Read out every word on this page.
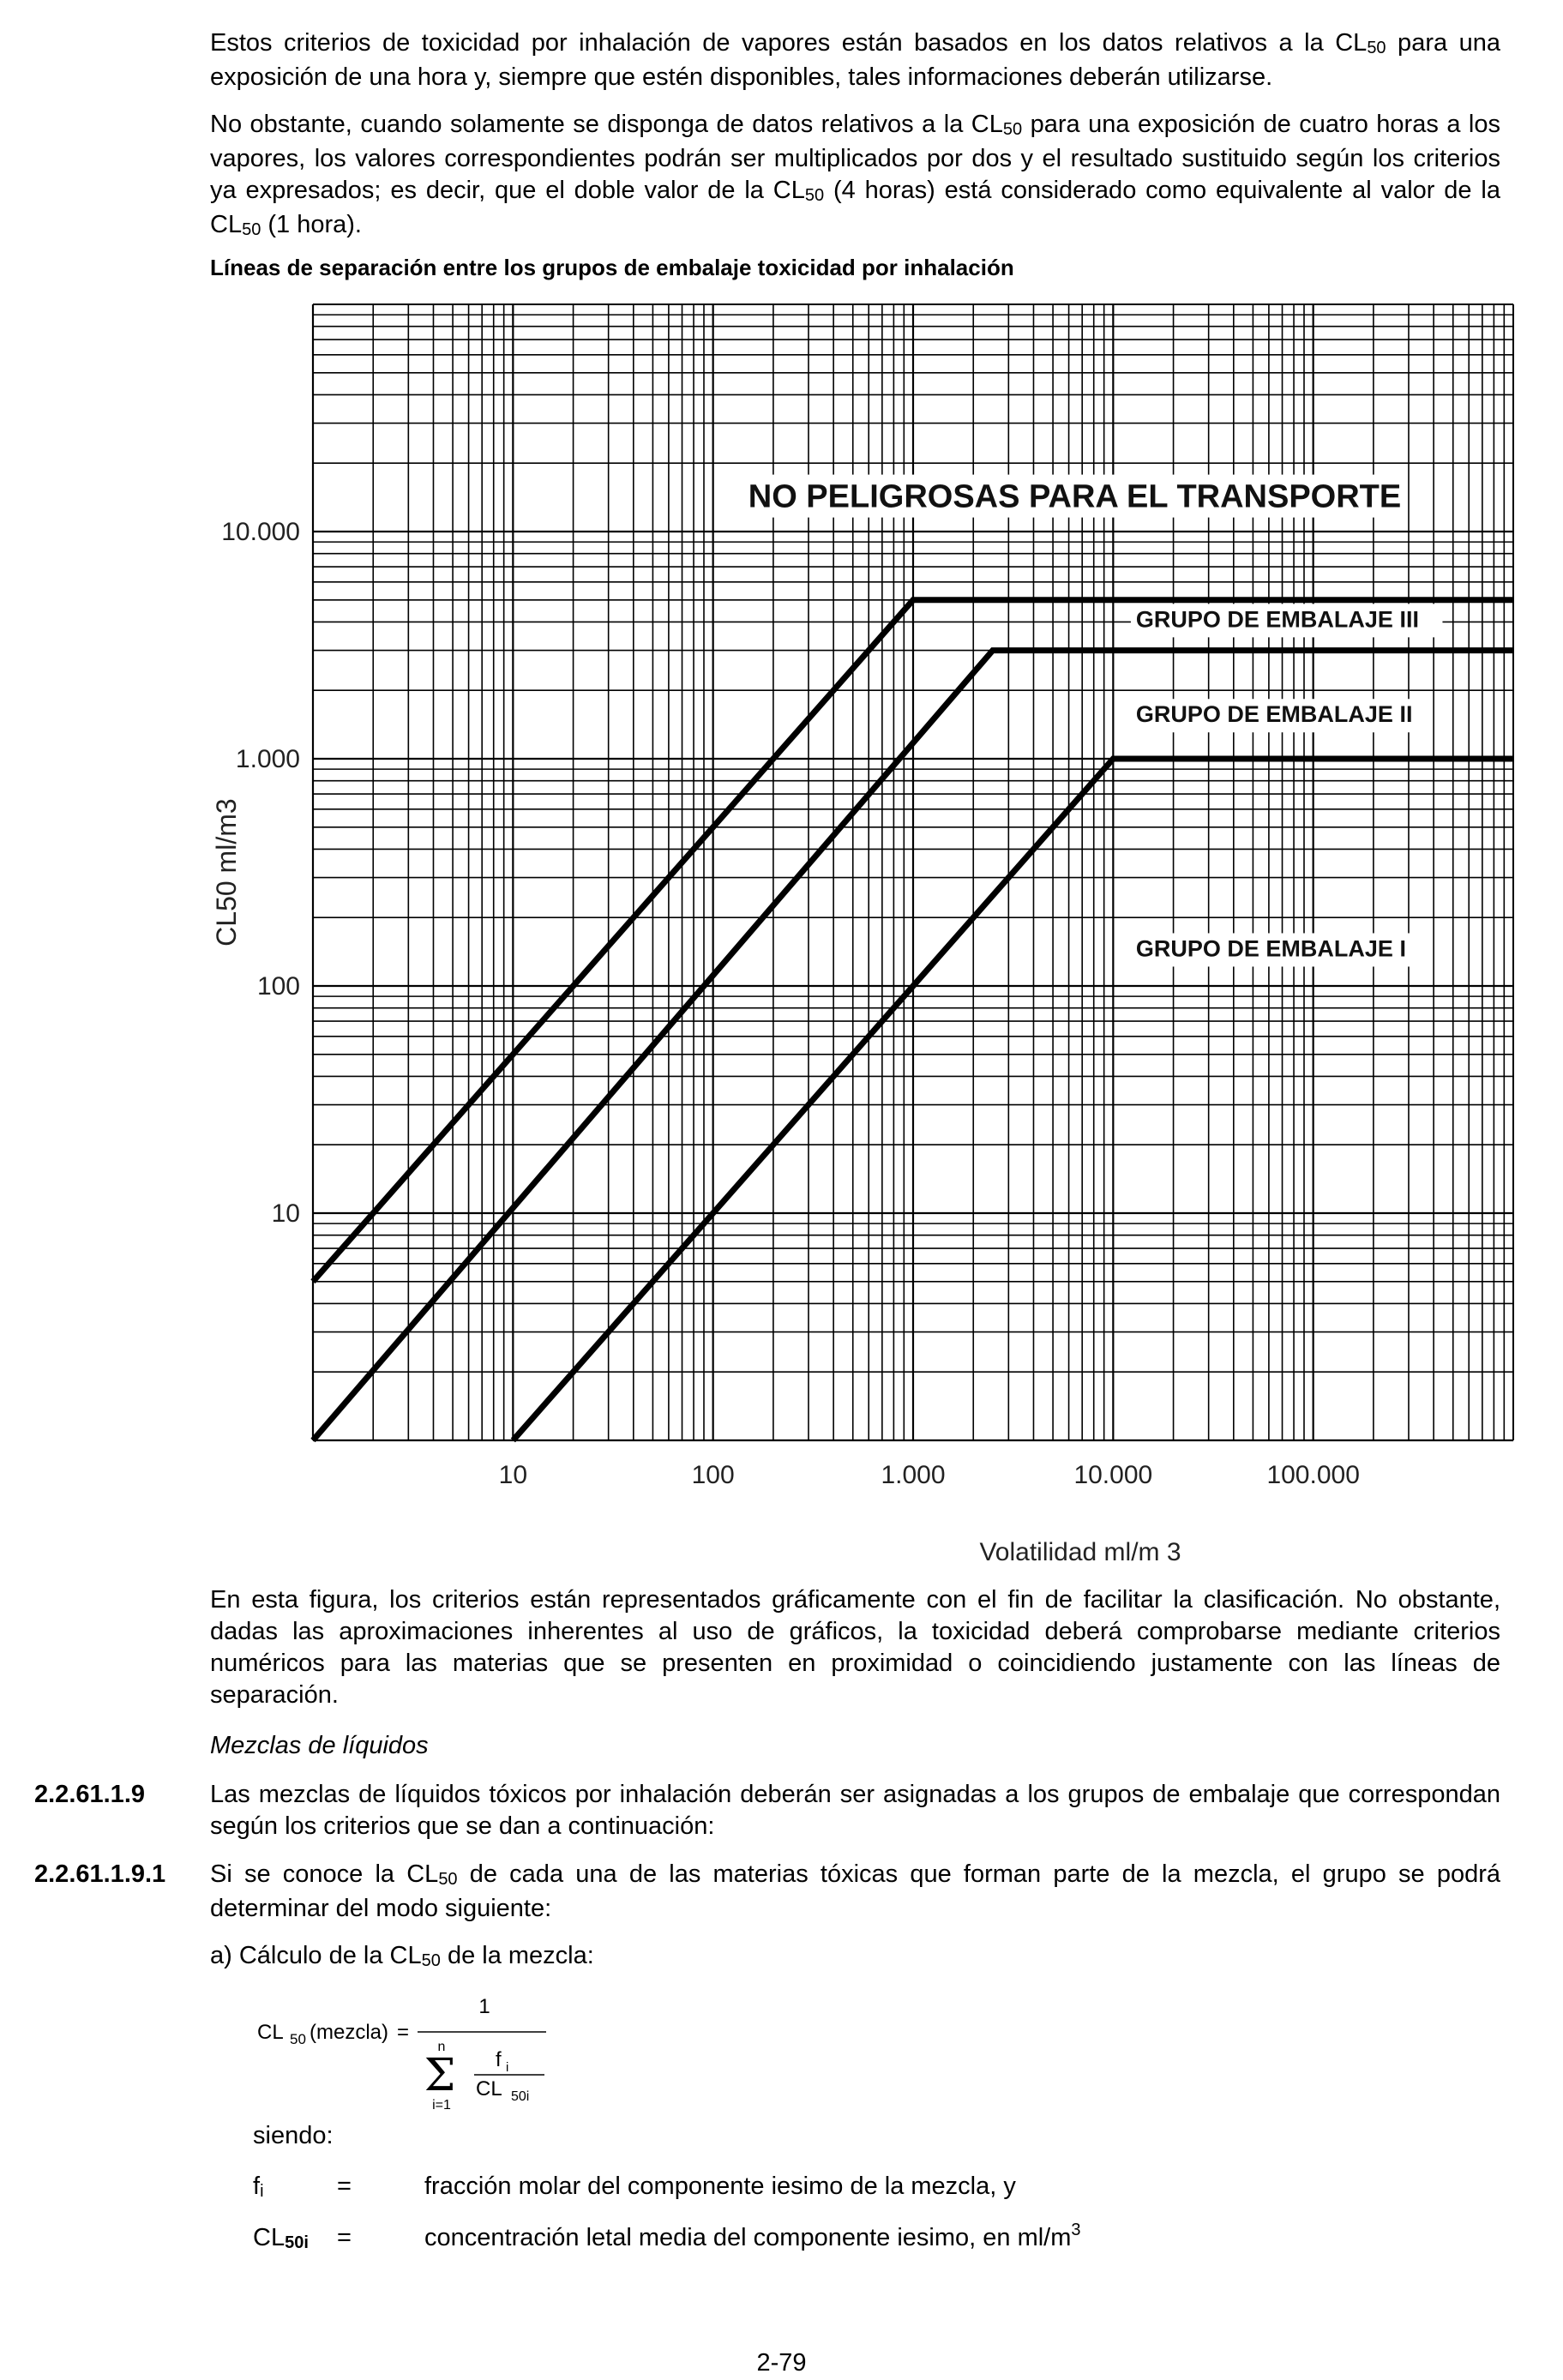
Estos criterios de toxicidad por inhalación de vapores están basados en los datos relativos a la CL50 para una exposición de una hora y, siempre que estén disponibles, tales informaciones deberán utilizarse.

No obstante, cuando solamente se disponga de datos relativos a la CL50 para una exposición de cuatro horas a los vapores, los valores correspondientes podrán ser multiplicados por dos y el resultado sustituido según los criterios ya expresados; es decir, que el doble valor de la CL50 (4 horas) está considerado como equivalente al valor de la CL50 (1 hora).

Líneas de separación entre los grupos de embalaje toxicidad por inhalación

10	100	1.000	10.000	100.000
10
100
1.000
10.000
Volatilidad ml/m 3
CL50 ml/m3
NO PELIGROSAS PARA EL TRANSPORTE
GRUPO DE EMBALAJE III
GRUPO DE EMBALAJE II
GRUPO DE EMBALAJE I

En esta figura, los criterios están representados gráficamente con el fin de facilitar la clasificación. No obstante, dadas las aproximaciones inherentes al uso de gráficos, la toxicidad deberá comprobarse mediante criterios numéricos para las materias que se presenten en proximidad o coincidiendo justamente con las líneas de separación.

Mezclas de líquidos

2.2.61.1.9	Las mezclas de líquidos tóxicos por inhalación deberán ser asignadas a los grupos de embalaje que correspondan según los criterios que se dan a continuación:

2.2.61.1.9.1 Si se conoce la CL50 de cada una de las materias tóxicas que forman parte de la mezcla, el grupo se podrá determinar del modo siguiente:

a) Cálculo de la CL50 de la mezcla:

CL 50 (mezcla) =
1
n
Σ
i=1
f i
CL 50i

siendo:

fi	=	fracción molar del componente iesimo de la mezcla, y
CL50i =	concentración letal media del componente iesimo, en $ml/m^3$
2-79
